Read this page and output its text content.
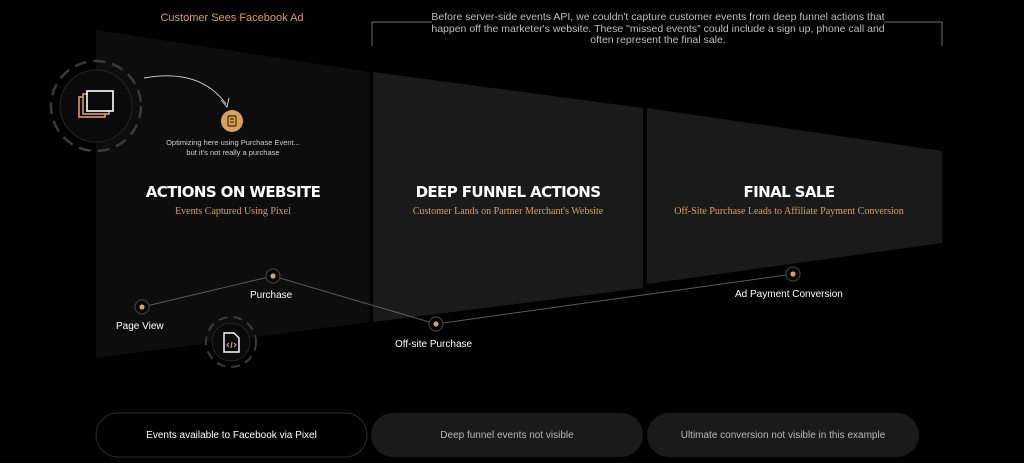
Customer Sees Facebook Ad	Before server-side events API, we couldn't capture customer events from deep funnel actions that happen off the marketer's website. These "missed events" could include a sign up, phone call and often represent the final sale.
Optimizing here using Purchase Event...
but it's not really a purchase
ACTIONS ON WEBSITE
Events Captured Using Pixel
DEEP FUNNEL ACTIONS
Customer Lands on Partner Merchant's Website
FINAL SALE
Off-Site Purchase Leads to Affiliate Payment Conversion
Page View
Purchase
Off-site Purchase
Ad Payment Conversion
Events available to Facebook via Pixel	Deep funnel events not visible	Ultimate conversion not visible in this example
